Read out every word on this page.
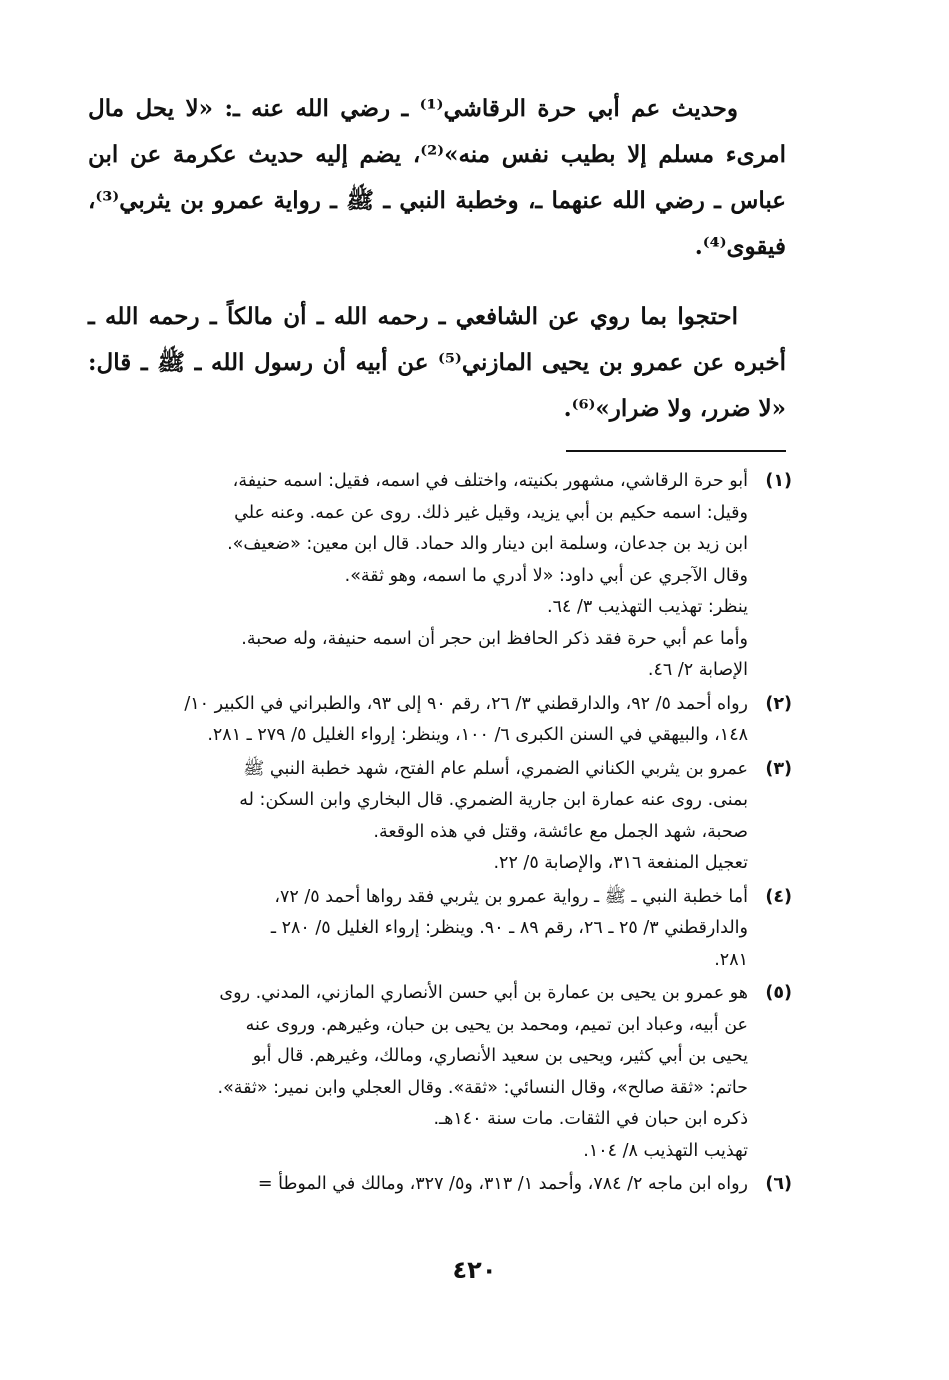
وحديث عم أبي حرة الرقاشي⁽¹⁾ ـ رضي الله عنه ـ: «لا يحل مال امرىء مسلم إلا بطيب نفس منه»⁽²⁾، يضم إليه حديث عكرمة عن ابن عباس ـ رضي الله عنهما ـ، وخطبة النبي ـ ﷺ ـ رواية عمرو بن يثربي⁽³⁾، فيقوى⁽⁴⁾.

احتجوا بما روي عن الشافعي ـ رحمه الله ـ أن مالكاً ـ رحمه الله ـ أخبره عن عمرو بن يحيى المازني⁽⁵⁾ عن أبيه أن رسول الله ـ ﷺ ـ قال: «لا ضرر، ولا ضرار»⁽⁶⁾.

(١)
أبو حرة الرقاشي، مشهور بكنيته، واختلف في اسمه، فقيل: اسمه حنيفة،
وقيل: اسمه حكيم بن أبي يزيد، وقيل غير ذلك. روى عن عمه. وعنه علي
ابن زيد بن جدعان، وسلمة ابن دينار والد حماد. قال ابن معين: «ضعيف».
وقال الآجري عن أبي داود: «لا أدري ما اسمه، وهو ثقة».
ينظر: تهذيب التهذيب ٣/ ٦٤.
وأما عم أبي حرة فقد ذكر الحافظ ابن حجر أن اسمه حنيفة، وله صحبة.
الإصابة ٢/ ٤٦.
(٢)
رواه أحمد ٥/ ٩٢، والدارقطني ٣/ ٢٦، رقم ٩٠ إلى ٩٣، والطبراني في الكبير ١٠/
١٤٨، والبيهقي في السنن الكبرى ٦/ ١٠٠، وينظر: إرواء الغليل ٥/ ٢٧٩ ـ ٢٨١.
(٣)
عمرو بن يثربي الكناني الضمري، أسلم عام الفتح، شهد خطبة النبي ﷺ
بمنى. روى عنه عمارة ابن جارية الضمري. قال البخاري وابن السكن: له
صحبة، شهد الجمل مع عائشة، وقتل في هذه الوقعة.
تعجيل المنفعة ٣١٦، والإصابة ٥/ ٢٢.
(٤)
أما خطبة النبي ـ ﷺ ـ رواية عمرو بن يثربي فقد رواها أحمد ٥/ ٧٢،
والدارقطني ٣/ ٢٥ ـ ٢٦، رقم ٨٩ ـ ٩٠. وينظر: إرواء الغليل ٥/ ٢٨٠ ـ
٢٨١.
(٥)
هو عمرو بن يحيى بن عمارة بن أبي حسن الأنصاري المازني، المدني. روى
عن أبيه، وعباد ابن تميم، ومحمد بن يحيى بن حبان، وغيرهم. وروى عنه
يحيى بن أبي كثير، ويحيى بن سعيد الأنصاري، ومالك، وغيرهم. قال أبو
حاتم: «ثقة صالح»، وقال النسائي: «ثقة». وقال العجلي وابن نمير: «ثقة».
ذكره ابن حبان في الثقات. مات سنة ١٤٠هـ.
تهذيب التهذيب ٨/ ١٠٤.
(٦)
رواه ابن ماجه ٢/ ٧٨٤، وأحمد ١/ ٣١٣، و٥/ ٣٢٧، ومالك في الموطأ =
٤٢٠
